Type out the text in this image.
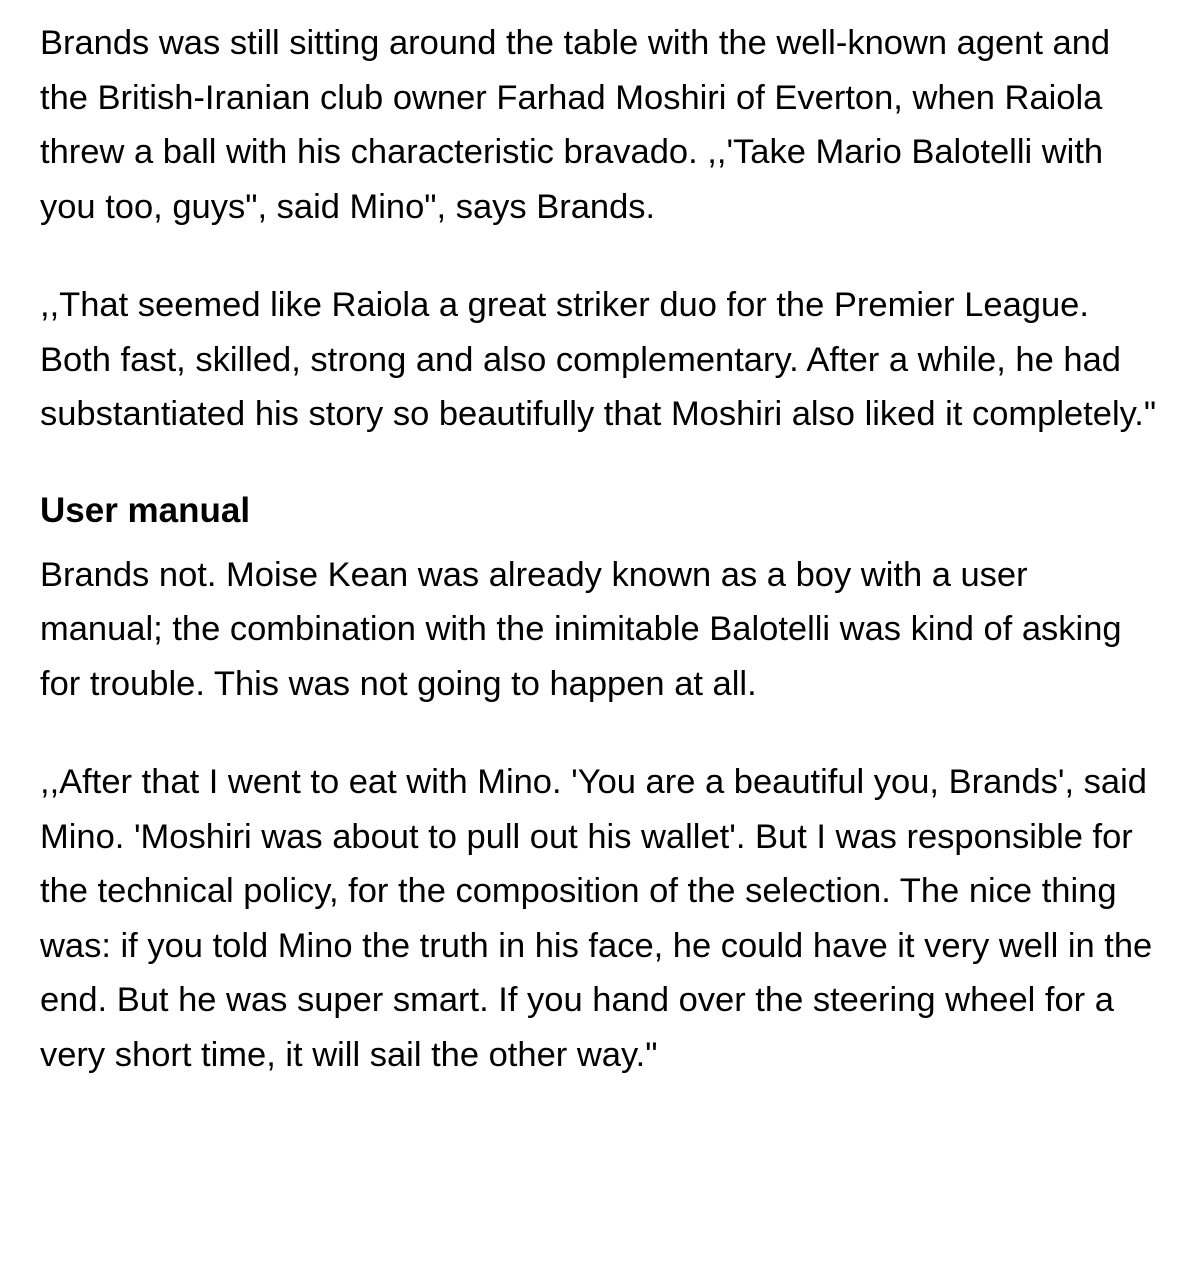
Brands was still sitting around the table with the well-known agent and the British-Iranian club owner Farhad Moshiri of Everton, when Raiola threw a ball with his characteristic bravado. ,,'Take Mario Balotelli with you too, guys", said Mino", says Brands.

,,That seemed like Raiola a great striker duo for the Premier League. Both fast, skilled, strong and also complementary. After a while, he had substantiated his story so beautifully that Moshiri also liked it completely."

User manual

Brands not. Moise Kean was already known as a boy with a user manual; the combination with the inimitable Balotelli was kind of asking for trouble. This was not going to happen at all.

,,After that I went to eat with Mino. 'You are a beautiful you, Brands', said Mino. 'Moshiri was about to pull out his wallet'. But I was responsible for the technical policy, for the composition of the selection. The nice thing was: if you told Mino the truth in his face, he could have it very well in the end. But he was super smart. If you hand over the steering wheel for a very short time, it will sail the other way."
